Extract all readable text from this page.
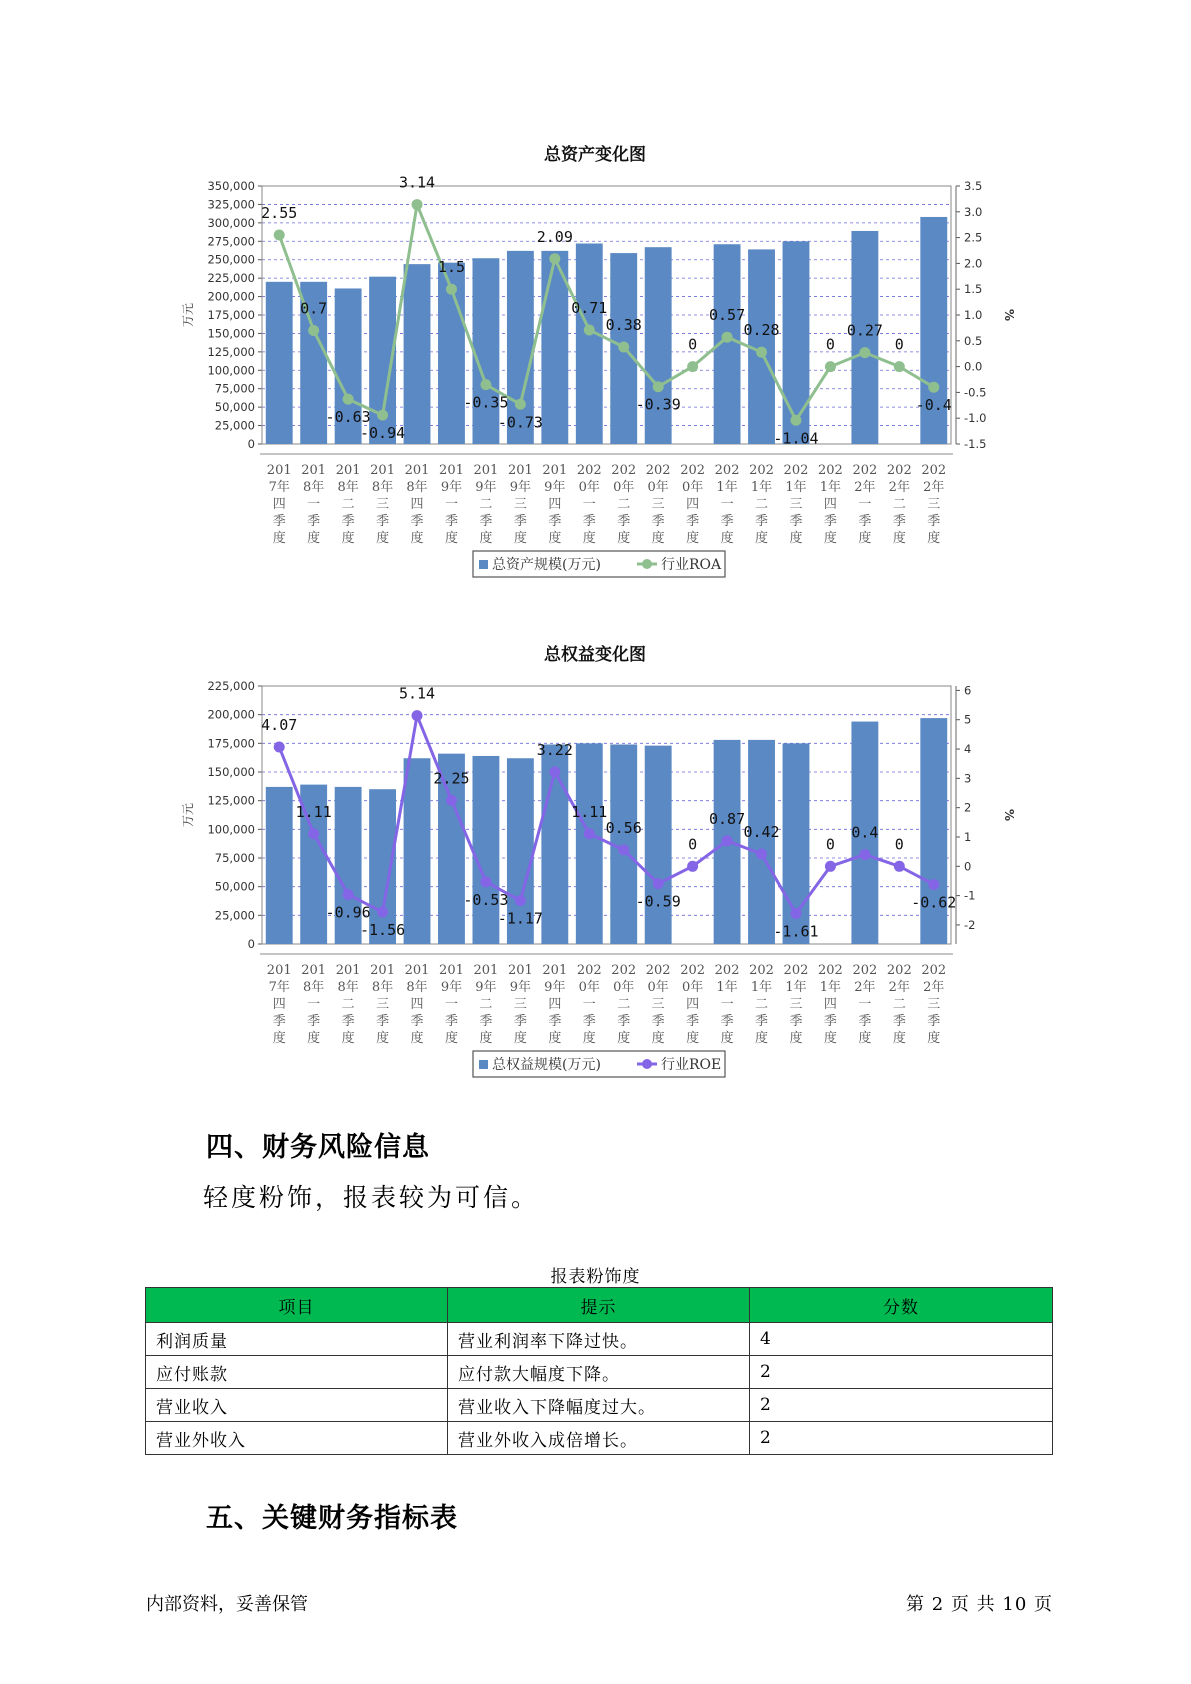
总资产变化图
0
25,000
50,000
75,000
100,000
125,000
150,000
175,000
200,000
225,000
250,000
275,000
300,000
325,000
350,000
-1.5
-1.0
-0.5
0.0
0.5
1.0
1.5
2.0
2.5
3.0
3.5
万元	%
2.55
0.7
-0.63
-0.94
3.14
1.5
-0.35
-0.73
2.09
0.71
0.38
-0.39
0
0.57
0.28
-1.04
0
0.27
0
-0.4
201
7年
四
季
度
201
8年
一
季
度
201
8年
二
季
度
201
8年
三
季
度
201
8年
四
季
度
201
9年
一
季
度
201
9年
二
季
度
201
9年
三
季
度
201
9年
四
季
度
202
0年
一
季
度
202
0年
二
季
度
202
0年
三
季
度
202
0年
四
季
度
202
1年
一
季
度
202
1年
二
季
度
202
1年
三
季
度
202
1年
四
季
度
202
2年
一
季
度
202
2年
二
季
度
202
2年
三
季
度
总资产规模(万元)	行业ROA
总权益变化图
0
25,000
50,000
75,000
100,000
125,000
150,000
175,000
200,000
225,000
-2
-1
0
1
2
3
4
5
6
万元	%
4.07
1.11
-0.96
-1.56
5.14
2.25
-0.53
-1.17
3.22
1.11
0.56
-0.59
0
0.87
0.42
-1.61
0
0.4
0
-0.62
201
7年
四
季
度
201
8年
一
季
度
201
8年
二
季
度
201
8年
三
季
度
201
8年
四
季
度
201
9年
一
季
度
201
9年
二
季
度
201
9年
三
季
度
201
9年
四
季
度
202
0年
一
季
度
202
0年
二
季
度
202
0年
三
季
度
202
0年
四
季
度
202
1年
一
季
度
202
1年
二
季
度
202
1年
三
季
度
202
1年
四
季
度
202
2年
一
季
度
202
2年
二
季
度
202
2年
三
季
度
总权益规模(万元)	行业ROE
四、财务风险信息

轻度粉饰，报表较为可信。

报表粉饰度
项目	提示	分数
利润质量	营业利润率下降过快。	4
应付账款	应付款大幅度下降。	2
营业收入	营业收入下降幅度过大。	2
营业外收入	营业外收入成倍增长。	2
五、关键财务指标表
内部资料，妥善保管	第 2 页 共 10 页
